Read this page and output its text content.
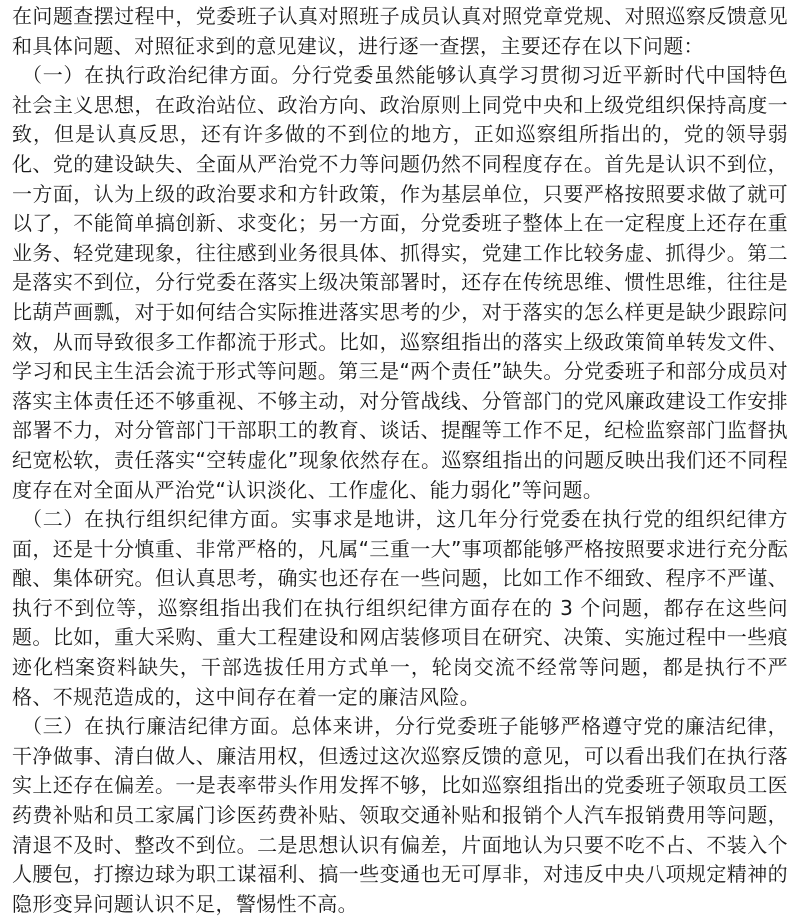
在问题查摆过程中，党委班子认真对照班子成员认真对照党章党规、对照巡察反馈意见和具体问题、对照征求到的意见建议，进行逐一查摆，主要还存在以下问题：

（一）在执行政治纪律方面。分行党委虽然能够认真学习贯彻习近平新时代中国特色社会主义思想，在政治站位、政治方向、政治原则上同党中央和上级党组织保持高度一致，但是认真反思，还有许多做的不到位的地方，正如巡察组所指出的，党的领导弱化、党的建设缺失、全面从严治党不力等问题仍然不同程度存在。首先是认识不到位，一方面，认为上级的政治要求和方针政策，作为基层单位，只要严格按照要求做了就可以了，不能简单搞创新、求变化；另一方面，分党委班子整体上在一定程度上还存在重业务、轻党建现象，往往感到业务很具体、抓得实，党建工作比较务虚、抓得少。第二是落实不到位，分行党委在落实上级决策部署时，还存在传统思维、惯性思维，往往是比葫芦画瓢，对于如何结合实际推进落实思考的少，对于落实的怎么样更是缺少跟踪问效，从而导致很多工作都流于形式。比如，巡察组指出的落实上级政策简单转发文件、学习和民主生活会流于形式等问题。第三是“两个责任”缺失。分党委班子和部分成员对落实主体责任还不够重视、不够主动，对分管战线、分管部门的党风廉政建设工作安排部署不力，对分管部门干部职工的教育、谈话、提醒等工作不足，纪检监察部门监督执纪宽松软，责任落实“空转虚化”现象依然存在。巡察组指出的问题反映出我们还不同程度存在对全面从严治党“认识淡化、工作虚化、能力弱化”等问题。

（二）在执行组织纪律方面。实事求是地讲，这几年分行党委在执行党的组织纪律方面，还是十分慎重、非常严格的，凡属“三重一大”事项都能够严格按照要求进行充分酝酿、集体研究。但认真思考，确实也还存在一些问题，比如工作不细致、程序不严谨、执行不到位等，巡察组指出我们在执行组织纪律方面存在的 3 个问题，都存在这些问题。比如，重大采购、重大工程建设和网店装修项目在研究、决策、实施过程中一些痕迹化档案资料缺失，干部选拔任用方式单一，轮岗交流不经常等问题，都是执行不严格、不规范造成的，这中间存在着一定的廉洁风险。

（三）在执行廉洁纪律方面。总体来讲，分行党委班子能够严格遵守党的廉洁纪律，干净做事、清白做人、廉洁用权，但透过这次巡察反馈的意见，可以看出我们在执行落实上还存在偏差。一是表率带头作用发挥不够，比如巡察组指出的党委班子领取员工医药费补贴和员工家属门诊医药费补贴、领取交通补贴和报销个人汽车报销费用等问题，清退不及时、整改不到位。二是思想认识有偏差，片面地认为只要不吃不占、不装入个人腰包，打擦边球为职工谋福利、搞一些变通也无可厚非，对违反中央八项规定精神的隐形变异问题认识不足，警惕性不高。
